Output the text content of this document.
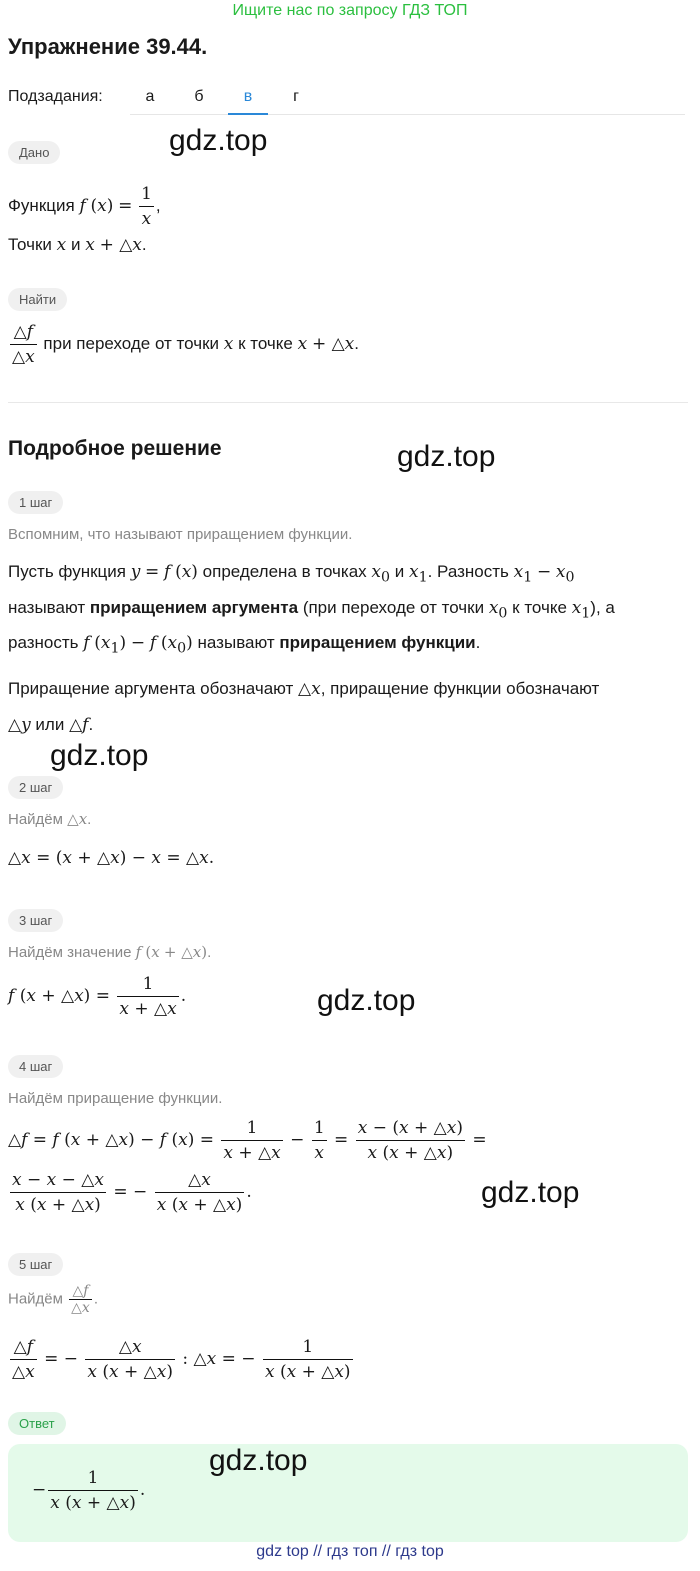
Ищите нас по запросу ГДЗ ТОП
Упражнение 39.44.
Подзадания:	а	б	в	г
Дано	gdz.top
Функция f $(x) = \frac{1}{x}$ ,
Точки x и x + △x.
Найти
$\frac{\triangle f}{\triangle x}$ при переходе от точки x к точке x + △x.
Подробное решение	gdz.top
1 шаг
Вспомним, что называют приращением функции.
Пусть функция y = f (x) определена в точках $x_0$ и $x_1$. Разность $x_1 - x_0$
называют приращением аргумента (при переходе от точки $x_0$ к точке $x_1$), а
разность f $(x_1) - f$ $(x_0)$ называют приращением функции.
Приращение аргумента обозначают △x, приращение функции обозначают
△y или △f.
gdz.top
2 шаг
Найдём △x.
△x = (x + △x) − x = △x.
3 шаг
Найдём значение f (x + △x).
f (x + △x) = $\frac{1}{x + \triangle x}$ .	gdz.top
4 шаг
Найдём приращение функции.
△f = f (x + △x) − f $(x) = \frac{1}{x + \triangle x} - \frac{1}{x} = \frac{x - (x + \triangle x)}{x (x + \triangle x)}$ =
$\frac{x - x - \triangle x}{x (x + \triangle x)}$ = − $\frac{\triangle x}{x (x + \triangle x)}$ .	gdz.top
5 шаг
Найдём $\frac{\triangle f}{\triangle x}$ .
$\frac{\triangle f}{\triangle x}$ = − $\frac{\triangle x}{x (x + \triangle x)}$ : △x = − $\frac{1}{x (x + \triangle x)}$
Ответ
gdz.top
− $\frac{1}{x (x + \triangle x)}$ .
gdz top // гдз топ // гдз top
